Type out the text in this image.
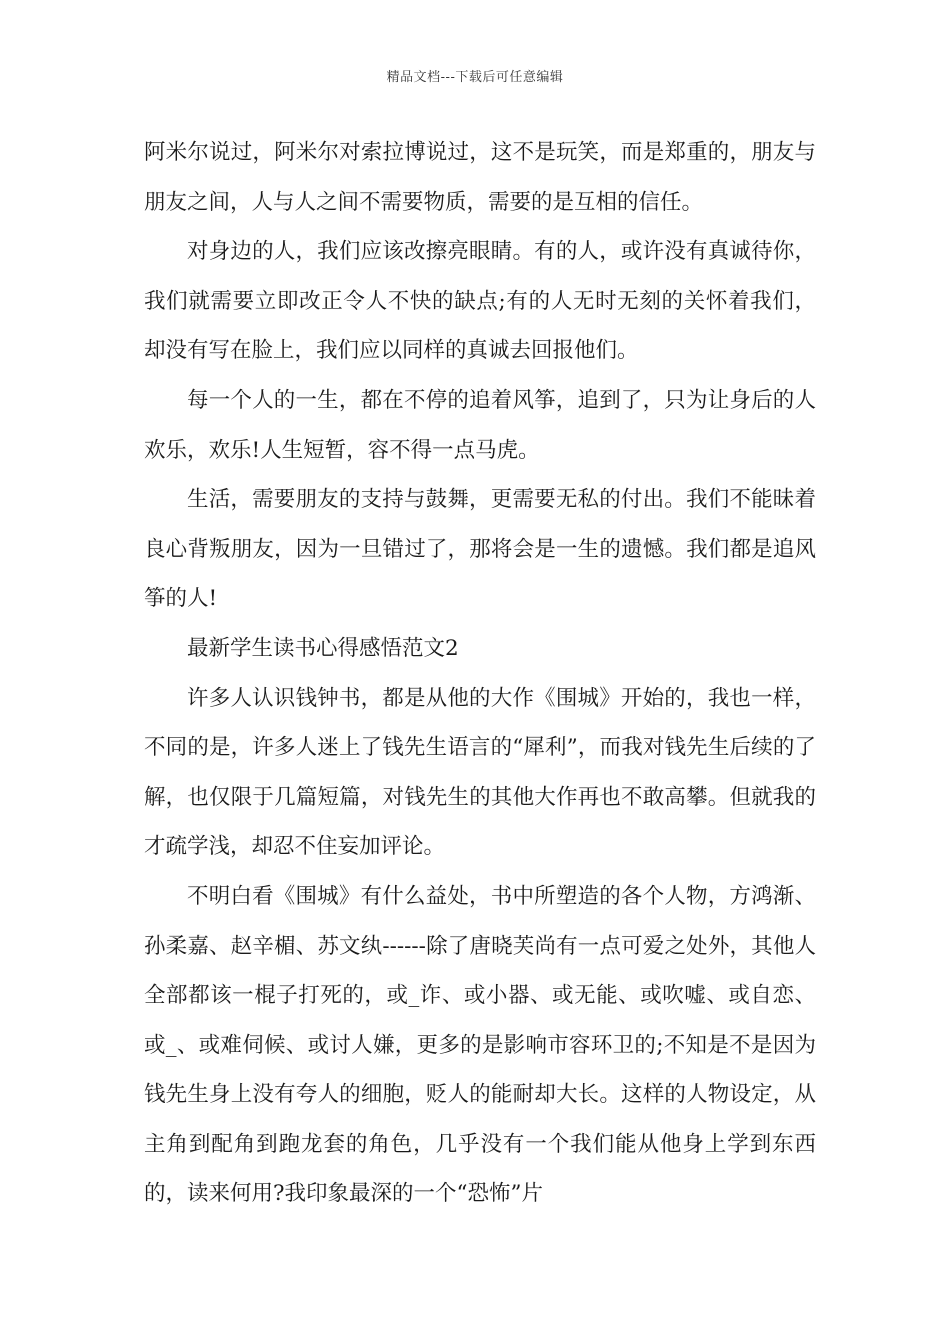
精品文档---下载后可任意编辑

阿米尔说过，阿米尔对索拉博说过，这不是玩笑，而是郑重的，朋友与朋友之间，人与人之间不需要物质，需要的是互相的信任。

对身边的人，我们应该改擦亮眼睛。有的人，或许没有真诚待你，我们就需要立即改正令人不快的缺点;有的人无时无刻的关怀着我们，却没有写在脸上，我们应以同样的真诚去回报他们。

每一个人的一生，都在不停的追着风筝，追到了，只为让身后的人欢乐，欢乐!人生短暂，容不得一点马虎。

生活，需要朋友的支持与鼓舞，更需要无私的付出。我们不能昧着良心背叛朋友，因为一旦错过了，那将会是一生的遗憾。我们都是追风筝的人!

最新学生读书心得感悟范文2

许多人认识钱钟书，都是从他的大作《围城》开始的，我也一样，不同的是，许多人迷上了钱先生语言的“犀利”，而我对钱先生后续的了解，也仅限于几篇短篇，对钱先生的其他大作再也不敢高攀。但就我的才疏学浅，却忍不住妄加评论。

不明白看《围城》有什么益处，书中所塑造的各个人物，方鸿渐、孙柔嘉、赵辛楣、苏文纨------除了唐晓芙尚有一点可爱之处外，其他人全部都该一棍子打死的，或_诈、或小器、或无能、或吹嘘、或自恋、或_、或难伺候、或讨人嫌，更多的是影响市容环卫的;不知是不是因为钱先生身上没有夸人的细胞，贬人的能耐却大长。这样的人物设定，从主角到配角到跑龙套的角色，几乎没有一个我们能从他身上学到东西的，读来何用?我印象最深的一个“恐怖”片
